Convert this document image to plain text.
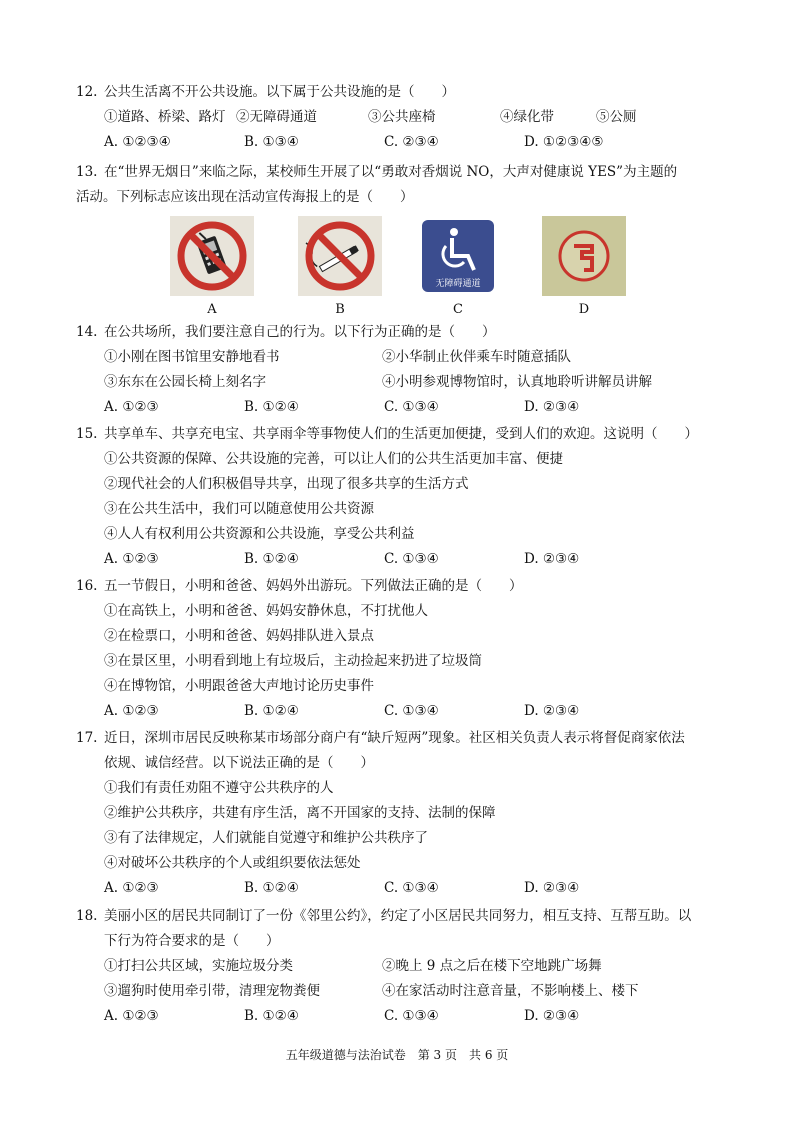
12. 公共生活离不开公共设施。以下属于公共设施的是（　　）
①道路、桥梁、路灯 ②无障碍通道	③公共座椅	④绿化带	⑤公厕
A. ①②③④	B. ①③④	C. ②③④	D. ①②③④⑤
13. 在“世界无烟日”来临之际，某校师生开展了以“勇敢对香烟说 NO，大声对健康说 YES”为主题的
活动。下列标志应该出现在活动宣传海报上的是（　　）
A	B
无障碍通道
C	D
14. 在公共场所，我们要注意自己的行为。以下行为正确的是（　　）
①小刚在图书馆里安静地看书	②小华制止伙伴乘车时随意插队
③东东在公园长椅上刻名字	④小明参观博物馆时，认真地聆听讲解员讲解
A. ①②③	B. ①②④	C. ①③④	D. ②③④
15. 共享单车、共享充电宝、共享雨伞等事物使人们的生活更加便捷，受到人们的欢迎。这说明（　　）
①公共资源的保障、公共设施的完善，可以让人们的公共生活更加丰富、便捷
②现代社会的人们积极倡导共享，出现了很多共享的生活方式
③在公共生活中，我们可以随意使用公共资源
④人人有权利用公共资源和公共设施，享受公共利益
A. ①②③	B. ①②④	C. ①③④	D. ②③④
16. 五一节假日，小明和爸爸、妈妈外出游玩。下列做法正确的是（　　）
①在高铁上，小明和爸爸、妈妈安静休息，不打扰他人
②在检票口，小明和爸爸、妈妈排队进入景点
③在景区里，小明看到地上有垃圾后，主动捡起来扔进了垃圾筒
④在博物馆，小明跟爸爸大声地讨论历史事件
A. ①②③	B. ①②④	C. ①③④	D. ②③④
17. 近日，深圳市居民反映称某市场部分商户有“缺斤短两”现象。社区相关负责人表示将督促商家依法
依规、诚信经营。以下说法正确的是（　　）
①我们有责任劝阻不遵守公共秩序的人
②维护公共秩序，共建有序生活，离不开国家的支持、法制的保障
③有了法律规定，人们就能自觉遵守和维护公共秩序了
④对破坏公共秩序的个人或组织要依法惩处
A. ①②③	B. ①②④	C. ①③④	D. ②③④
18. 美丽小区的居民共同制订了一份《邻里公约》，约定了小区居民共同努力，相互支持、互帮互助。以
下行为符合要求的是（　　）
①打扫公共区域，实施垃圾分类	②晚上 9 点之后在楼下空地跳广场舞
③遛狗时使用牵引带，清理宠物粪便	④在家活动时注意音量，不影响楼上、楼下
A. ①②③	B. ①②④	C. ①③④	D. ②③④
五年级道德与法治试卷　第 3 页　共 6 页
